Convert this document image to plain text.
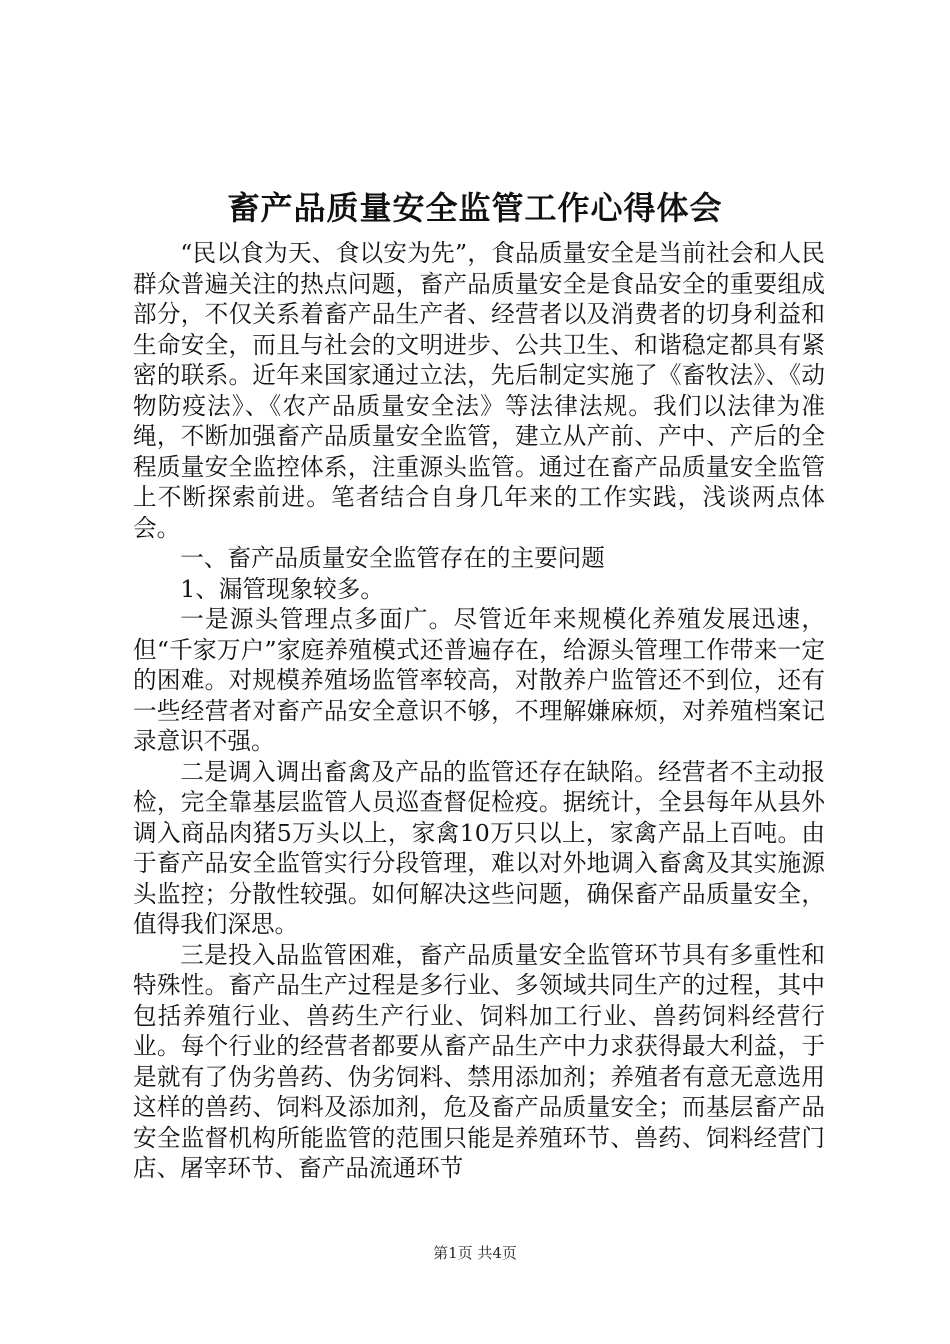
畜产品质量安全监管工作心得体会

“民以食为天、食以安为先”，食品质量安全是当前社会和人民群众普遍关注的热点问题，畜产品质量安全是食品安全的重要组成部分，不仅关系着畜产品生产者、经营者以及消费者的切身利益和生命安全，而且与社会的文明进步、公共卫生、和谐稳定都具有紧密的联系。近年来国家通过立法，先后制定实施了《畜牧法》、《动物防疫法》、《农产品质量安全法》等法律法规。我们以法律为准绳，不断加强畜产品质量安全监管，建立从产前、产中、产后的全程质量安全监控体系，注重源头监管。通过在畜产品质量安全监管上不断探索前进。笔者结合自身几年来的工作实践，浅谈两点体会。

一、畜产品质量安全监管存在的主要问题

1、漏管现象较多。

一是源头管理点多面广。尽管近年来规模化养殖发展迅速，但“千家万户”家庭养殖模式还普遍存在，给源头管理工作带来一定的困难。对规模养殖场监管率较高，对散养户监管还不到位，还有一些经营者对畜产品安全意识不够，不理解嫌麻烦，对养殖档案记录意识不强。

二是调入调出畜禽及产品的监管还存在缺陷。经营者不主动报检，完全靠基层监管人员巡查督促检疫。据统计，全县每年从县外调入商品肉猪5万头以上，家禽10万只以上，家禽产品上百吨。由于畜产品安全监管实行分段管理，难以对外地调入畜禽及其实施源头监控；分散性较强。如何解决这些问题，确保畜产品质量安全，值得我们深思。

三是投入品监管困难，畜产品质量安全监管环节具有多重性和特殊性。畜产品生产过程是多行业、多领域共同生产的过程，其中包括养殖行业、兽药生产行业、饲料加工行业、兽药饲料经营行业。每个行业的经营者都要从畜产品生产中力求获得最大利益，于是就有了伪劣兽药、伪劣饲料、禁用添加剂；养殖者有意无意选用这样的兽药、饲料及添加剂，危及畜产品质量安全；而基层畜产品安全监督机构所能监管的范围只能是养殖环节、兽药、饲料经营门店、屠宰环节、畜产品流通环节

第1页 共4页
